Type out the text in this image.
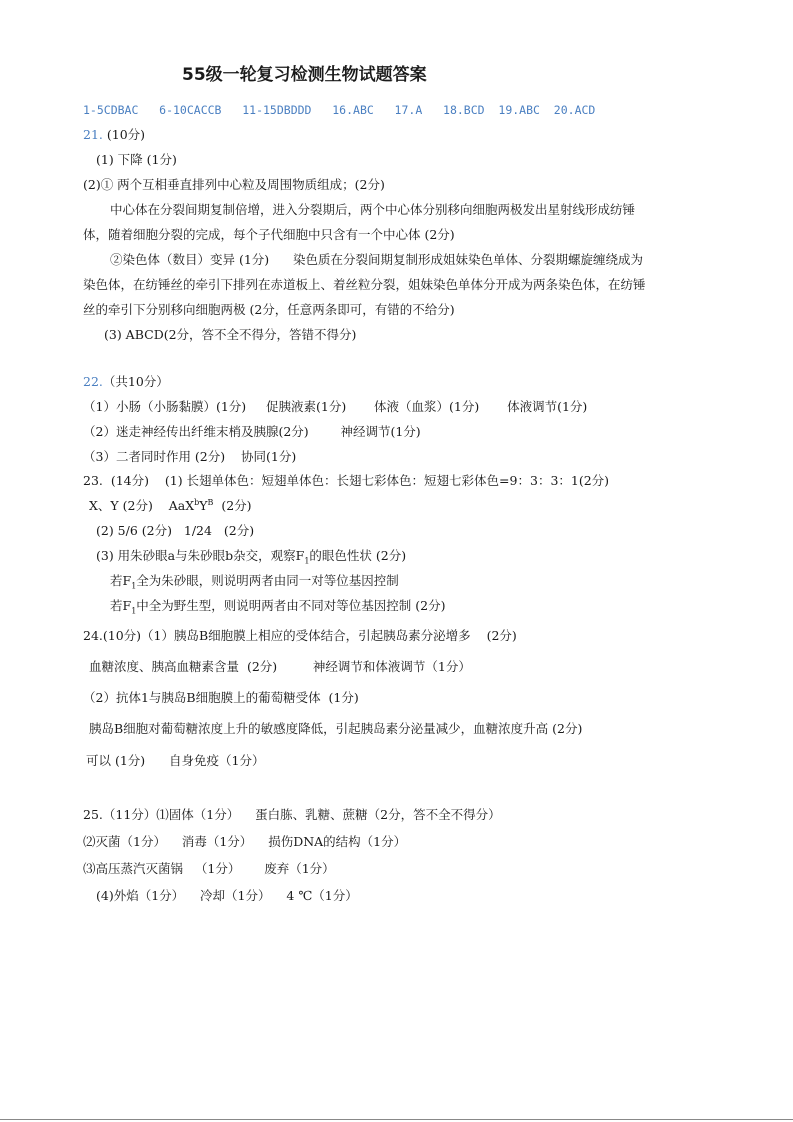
55级一轮复习检测生物试题答案
1-5CDBAC   6-10CACCB   11-15DBDDD   16.ABC   17.A   18.BCD  19.ABC  20.ACD
21. (10分)
(1) 下降 (1分)
(2)① 两个互相垂直排列中心粒及周围物质组成；(2分)
中心体在分裂间期复制倍增，进入分裂期后，两个中心体分别移向细胞两极发出星射线形成纺锤
体，随着细胞分裂的完成，每个子代细胞中只含有一个中心体 (2分)
②染色体（数目）变异 (1分)      染色质在分裂间期复制形成姐妹染色单体、分裂期螺旋缠绕成为
染色体，在纺锤丝的牵引下排列在赤道板上、着丝粒分裂，姐妹染色单体分开成为两条染色体，在纺锤
丝的牵引下分别移向细胞两极 (2分，任意两条即可，有错的不给分)
(3) ABCD(2分，答不全不得分，答错不得分)
22.（共10分）
（1）小肠（小肠黏膜）(1分)     促胰液素(1分)       体液（血浆）(1分)       体液调节(1分)
（2）迷走神经传出纤维末梢及胰腺(2分)        神经调节(1分)
（3）二者同时作用 (2分)    协同(1分)
23.  (14分)    (1) 长翅单体色：短翅单体色：长翅七彩体色：短翅七彩体色=9：3：3：1(2分)
X、Y (2分)    $AaX^bY^B$  (2分)
(2) 5/6 (2分)   1/24   (2分)
(3) 用朱砂眼a与朱砂眼b杂交，观察$F_1$的眼色性状 (2分)
若$F_1$全为朱砂眼，则说明两者由同一对等位基因控制
若$F_1$中全为野生型，则说明两者由不同对等位基因控制 (2分)
24.(10分)（1）胰岛B细胞膜上相应的受体结合，引起胰岛素分泌增多    (2分)
血糖浓度、胰高血糖素含量  (2分)         神经调节和体液调节（1分）
（2）抗体1与胰岛B细胞膜上的葡萄糖受体  (1分)
胰岛B细胞对葡萄糖浓度上升的敏感度降低，引起胰岛素分泌量减少，血糖浓度升高 (2分)
可以 (1分)      自身免疫（1分）
25.（11分）⑴固体（1分）    蛋白胨、乳糖、蔗糖（2分，答不全不得分）
⑵灭菌（1分）    消毒（1分）    损伤DNA的结构（1分）
⑶高压蒸汽灭菌锅   （1分）      废弃（1分）
(4)外焰（1分）    冷却（1分）    4 ℃（1分）
